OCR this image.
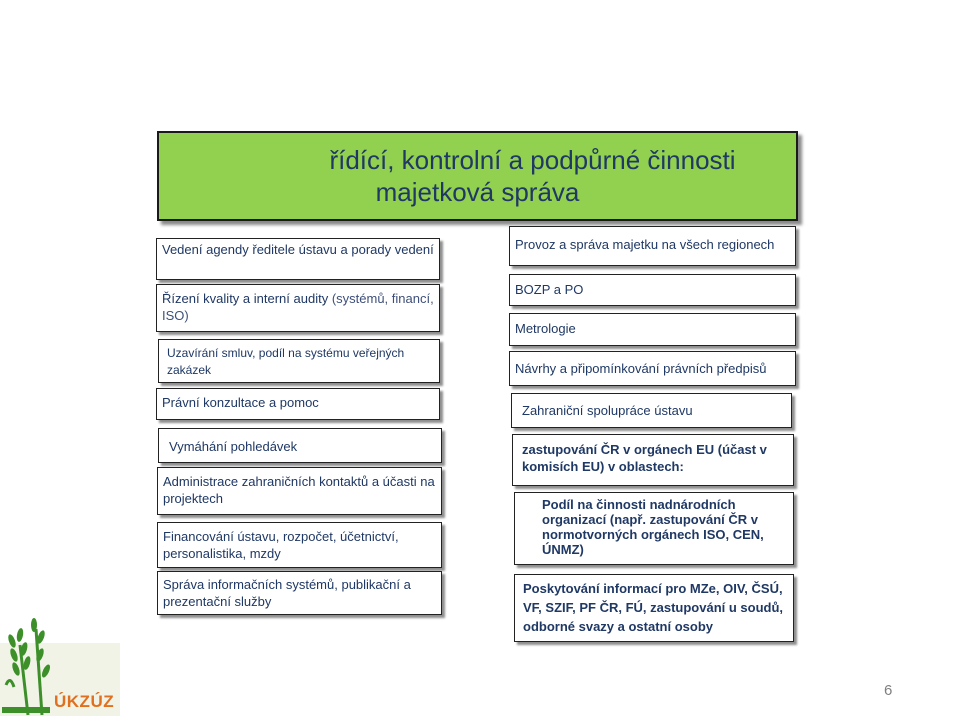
řídící, kontrolní a podpůrné činnosti
majetková správa
Vedení agendy ředitele ústavu a porady vedení
Řízení kvality a interní audity (systémů, financí, ISO)
Uzavírání smluv, podíl na systému veřejných zakázek
Právní konzultace a pomoc
Vymáhání pohledávek
Administrace zahraničních kontaktů a účasti na projektech
Financování ústavu, rozpočet, účetnictví, personalistika, mzdy
Správa informačních systémů, publikační a prezentační služby
Provoz a správa majetku na všech regionech
BOZP a PO
Metrologie
Návrhy a připomínkování právních předpisů
Zahraniční spolupráce ústavu
zastupování ČR v orgánech EU (účast v komisích EU) v oblastech:
Podíl na činnosti nadnárodních organizací (např. zastupování ČR v normotvorných orgánech ISO, CEN, ÚNMZ)
Poskytování informací pro MZe, OIV, ČSÚ, VF, SZIF, PF ČR, FÚ, zastupování u soudů, odborné svazy a ostatní osoby
ÚKZÚZ
6
